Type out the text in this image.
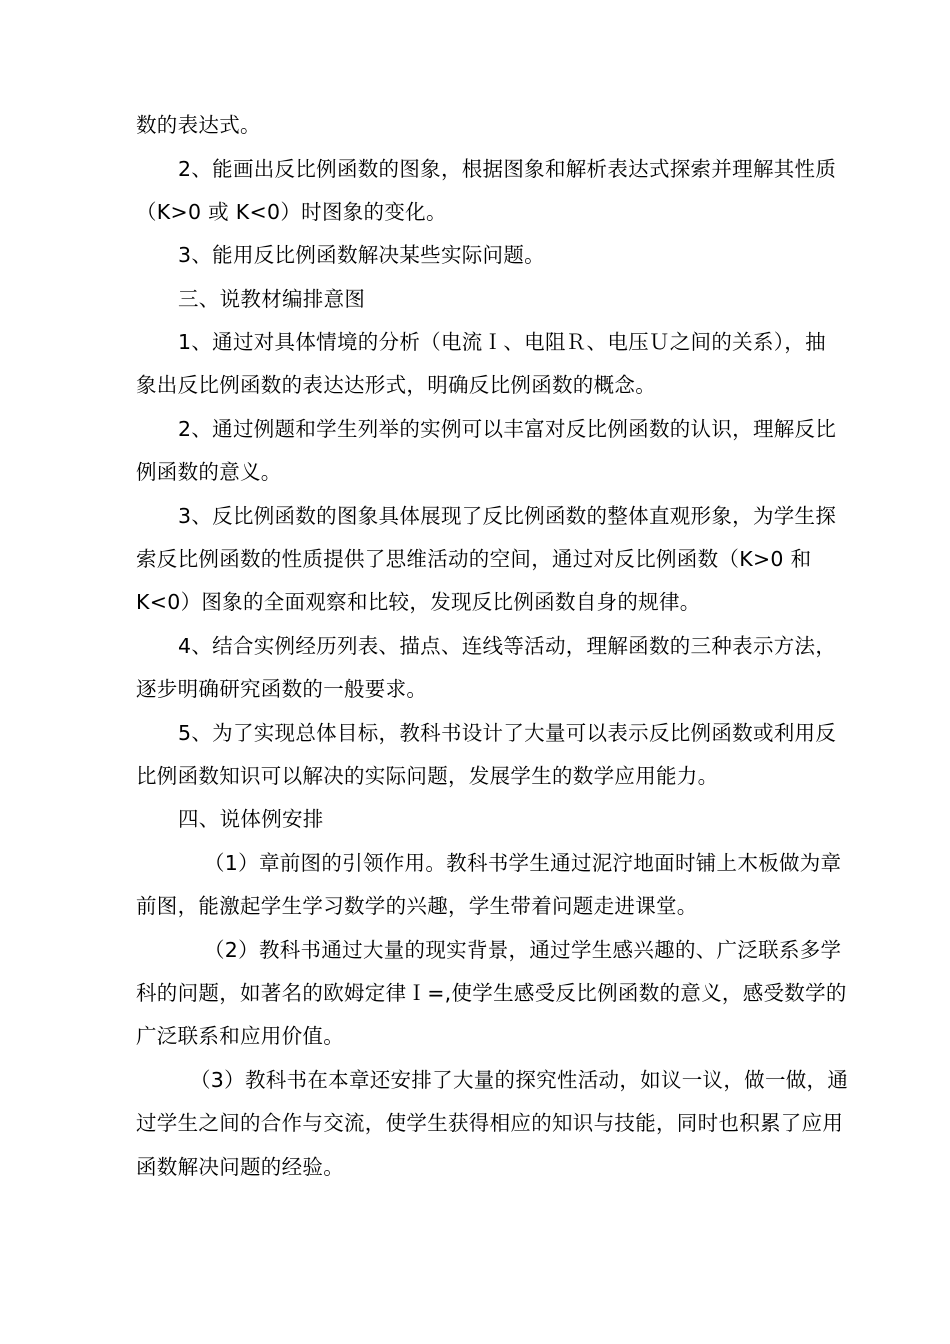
数的表达式。
2、能画出反比例函数的图象，根据图象和解析表达式探索并理解其性质
（K>0 或 K<0）时图象的变化。
3、能用反比例函数解决某些实际问题。
三、说教材编排意图
1、通过对具体情境的分析（电流Ｉ、电阻Ｒ、电压Ｕ之间的关系），抽
象出反比例函数的表达达形式，明确反比例函数的概念。
2、通过例题和学生列举的实例可以丰富对反比例函数的认识，理解反比
例函数的意义。
3、反比例函数的图象具体展现了反比例函数的整体直观形象，为学生探
索反比例函数的性质提供了思维活动的空间，通过对反比例函数（K>0 和
K<0）图象的全面观察和比较，发现反比例函数自身的规律。
4、结合实例经历列表、描点、连线等活动，理解函数的三种表示方法，
逐步明确研究函数的一般要求。
5、为了实现总体目标，教科书设计了大量可以表示反比例函数或利用反
比例函数知识可以解决的实际问题，发展学生的数学应用能力。
四、说体例安排
（1）章前图的引领作用。教科书学生通过泥泞地面时铺上木板做为章
前图，能激起学生学习数学的兴趣，学生带着问题走进课堂。
（2）教科书通过大量的现实背景，通过学生感兴趣的、广泛联系多学
科的问题，如著名的欧姆定律Ｉ=,使学生感受反比例函数的意义，感受数学的
广泛联系和应用价值。
（3）教科书在本章还安排了大量的探究性活动，如议一议，做一做，通
过学生之间的合作与交流，使学生获得相应的知识与技能，同时也积累了应用
函数解决问题的经验。
